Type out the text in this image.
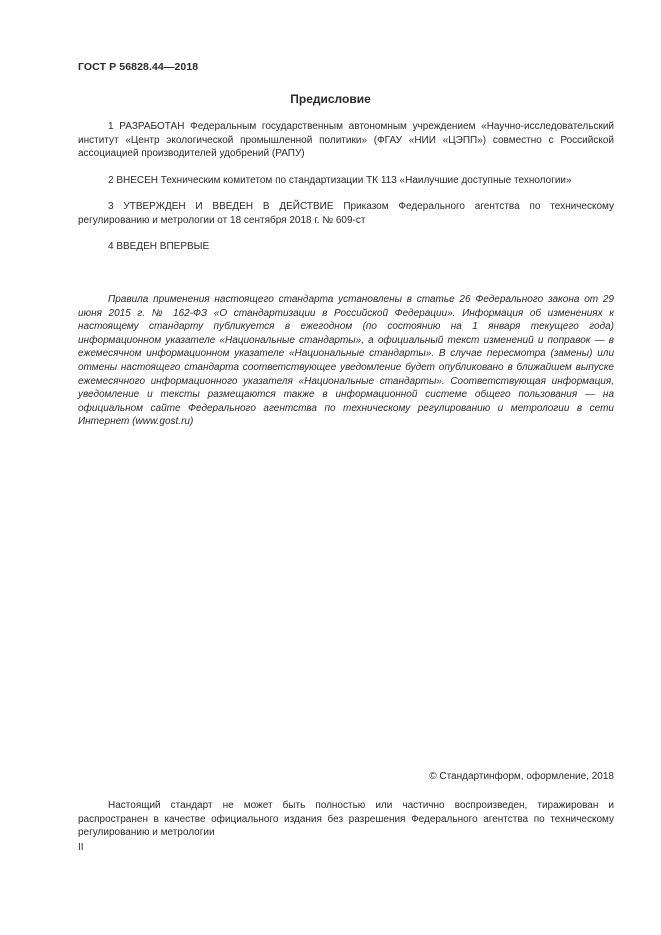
ГОСТ Р 56828.44—2018
Предисловие
1 РАЗРАБОТАН Федеральным государственным автономным учреждением «Научно-исследовательский институт «Центр экологической промышленной политики» (ФГАУ «НИИ «ЦЭПП») совместно с Российской ассоциацией производителей удобрений (РАПУ)
2 ВНЕСЕН Техническим комитетом по стандартизации ТК 113 «Наилучшие доступные технологии»
3 УТВЕРЖДЕН И ВВЕДЕН В ДЕЙСТВИЕ Приказом Федерального агентства по техническому регулированию и метрологии от 18 сентября 2018 г. № 609-ст
4 ВВЕДЕН ВПЕРВЫЕ
Правила применения настоящего стандарта установлены в статье 26 Федерального закона от 29 июня 2015 г. № 162-ФЗ «О стандартизации в Российской Федерации». Информация об изменениях к настоящему стандарту публикуется в ежегодном (по состоянию на 1 января текущего года) информационном указателе «Национальные стандарты», а официальный текст изменений и поправок — в ежемесячном информационном указателе «Национальные стандарты». В случае пересмотра (замены) или отмены настоящего стандарта соответствующее уведомление будет опубликовано в ближайшем выпуске ежемесячного информационного указателя «Национальные стандарты». Соответствующая информация, уведомление и тексты размещаются также в информационной системе общего пользования — на официальном сайте Федерального агентства по техническому регулированию и метрологии в сети Интернет (www.gost.ru)
© Стандартинформ, оформление, 2018
Настоящий стандарт не может быть полностью или частично воспроизведен, тиражирован и распространен в качестве официального издания без разрешения Федерального агентства по техническому регулированию и метрологии
II
